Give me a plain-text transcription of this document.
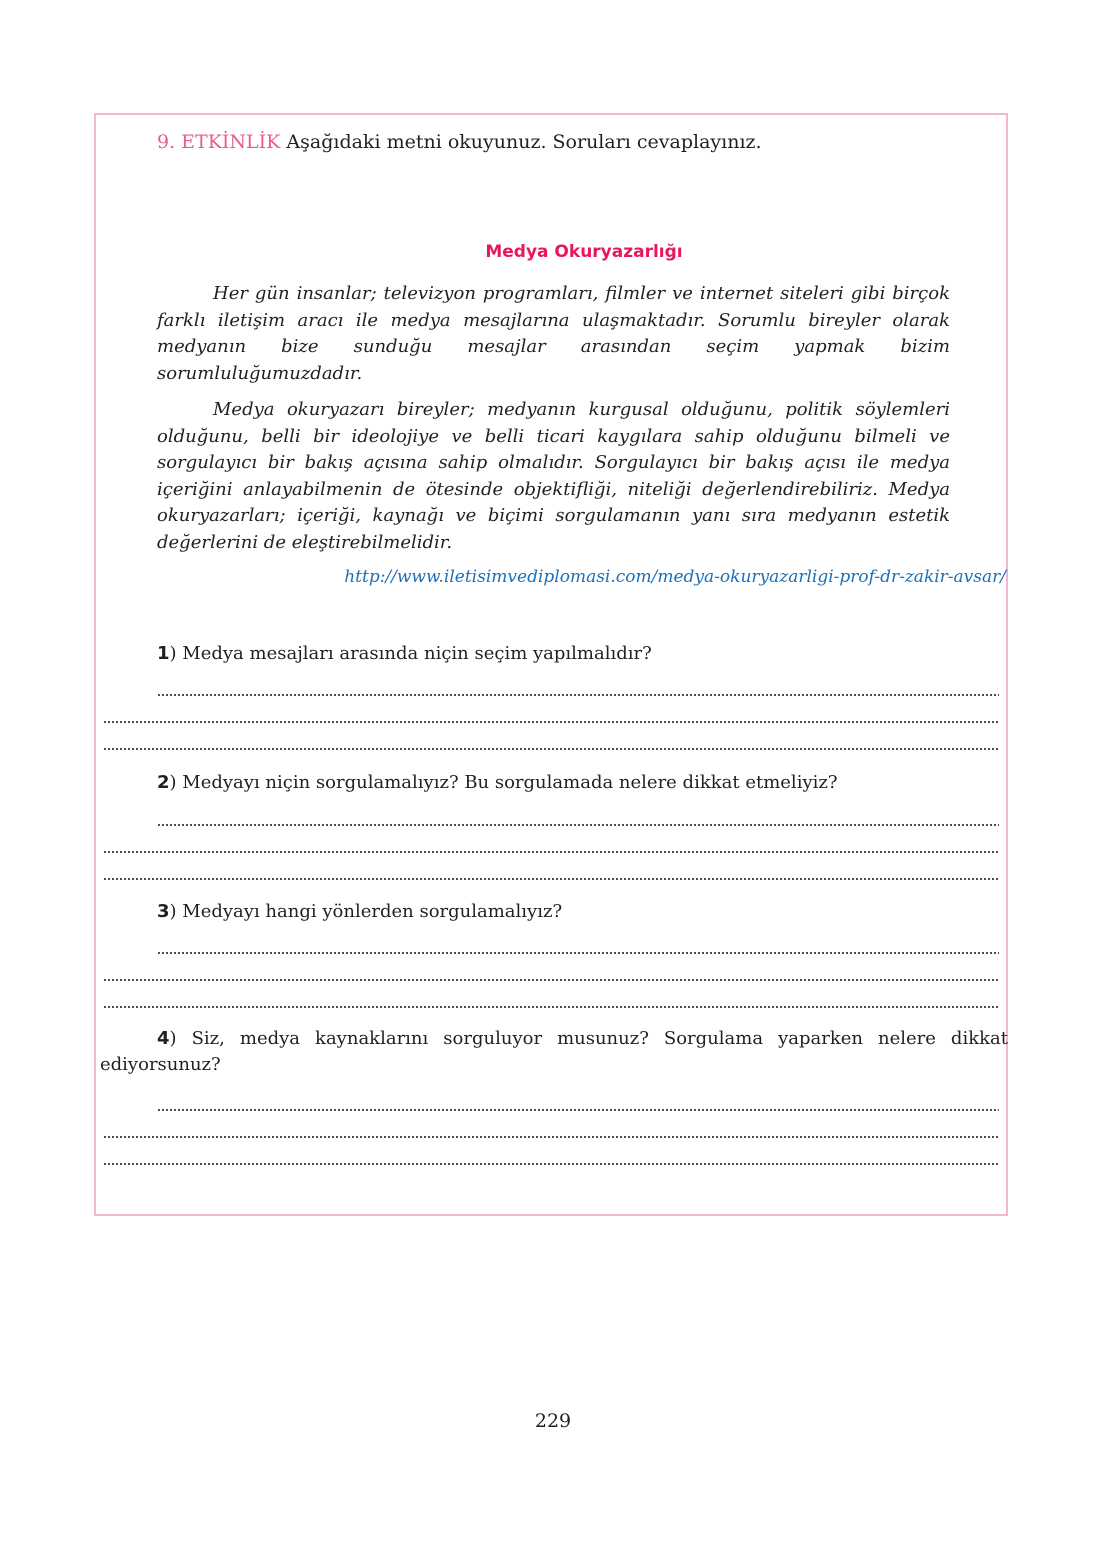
9. ETKİNLİK Aşağıdaki metni okuyunuz. Soruları cevaplayınız.
Medya Okuryazarlığı

Her gün insanlar; televizyon programları, filmler ve internet siteleri gibi birçok farklı iletişim aracı ile medya mesajlarına ulaşmaktadır. Sorumlu bireyler olarak medyanın bize sunduğu mesajlar arasından seçim yapmak bizim sorumluluğumuzdadır.

Medya okuryazarı bireyler; medyanın kurgusal olduğunu, politik söylemleri olduğunu, belli bir ideolojiye ve belli ticari kaygılara sahip olduğunu bilmeli ve sorgulayıcı bir bakış açısına sahip olmalıdır. Sorgulayıcı bir bakış açısı ile medya içeriğini anlayabilmenin de ötesinde objektifliği, niteliği değerlendirebiliriz. Medya okuryazarları; içeriği, kaynağı ve biçimi sorgulamanın yanı sıra medyanın estetik değerlerini de eleştirebilmelidir.

http://www.iletisimvediplomasi.com/medya-okuryazarligi-prof-dr-zakir-avsar/

1) Medya mesajları arasında niçin seçim yapılmalıdır?

2) Medyayı niçin sorgulamalıyız? Bu sorgulamada nelere dikkat etmeliyiz?

3) Medyayı hangi yönlerden sorgulamalıyız?

4) Siz, medya kaynaklarını sorguluyor musunuz? Sorgulama yaparken nelere dikkat ediyorsunuz?

229
